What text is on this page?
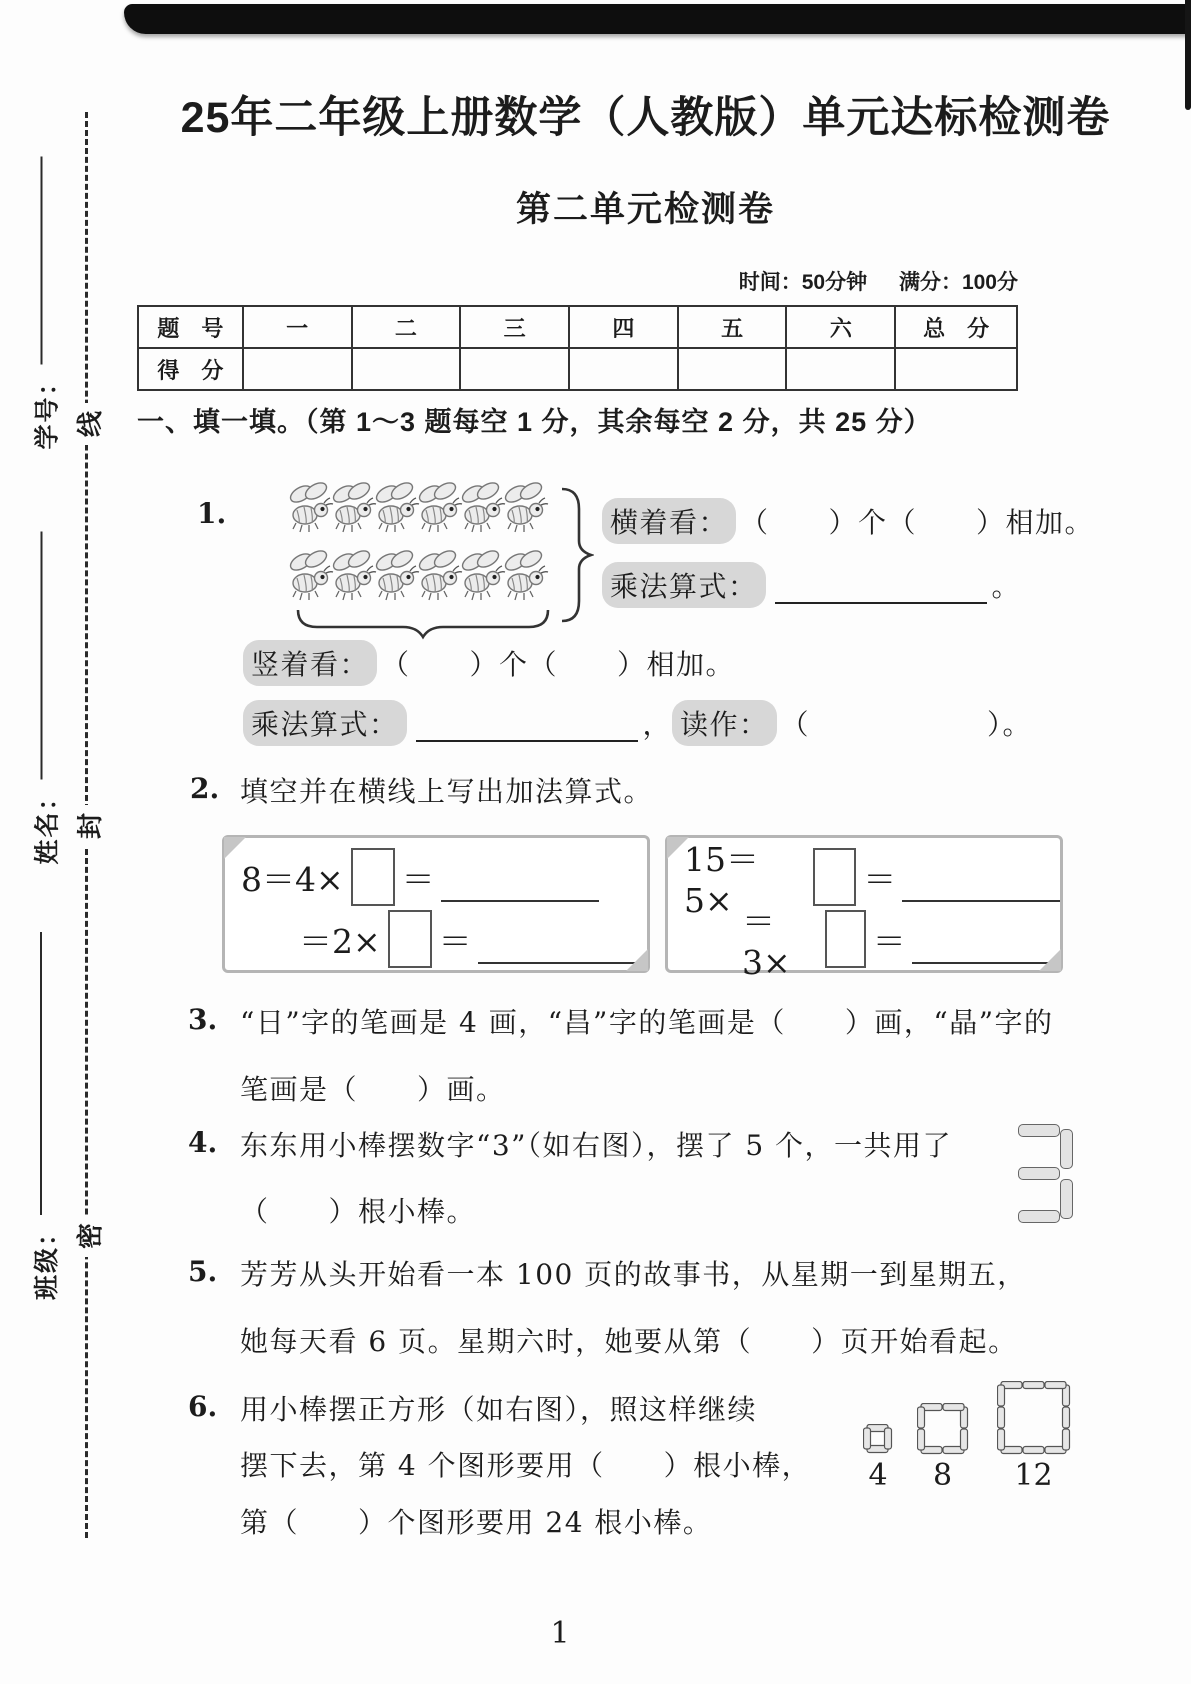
学号：
姓名：
班级：
线
封
密
25年二年级上册数学（人教版）单元达标检测卷
第二单元检测卷
时间：50分钟 满分：100分
题　号	一	二	三	四	五	六	总　分
得　分							
一、填一填。（第 1～3 题每空 1 分，其余每空 2 分，共 25 分）
1.	横着看： （　　）个（　　）相加。
乘法算式：	。
竖着看： （　　）个（　　）相加。
乘法算式：	， 读作： （　　　　　　）。
2. 填空并在横线上写出加法算式。
8＝4× ＝
＝2× ＝
15＝5×
＝
＝3×
＝
3. “日”字的笔画是 4 画，“昌”字的笔画是（　　）画，“晶”字的
笔画是（　　）画。
4. 东东用小棒摆数字“3”（如右图），摆了 5 个，一共用了
（　　）根小棒。
5. 芳芳从头开始看一本 100 页的故事书，从星期一到星期五，
她每天看 6 页。星期六时，她要从第（　　）页开始看起。
6. 用小棒摆正方形（如右图），照这样继续
摆下去，第 4 个图形要用（　　）根小棒，
第（　　）个图形要用 24 根小棒。
4	8	12
1
